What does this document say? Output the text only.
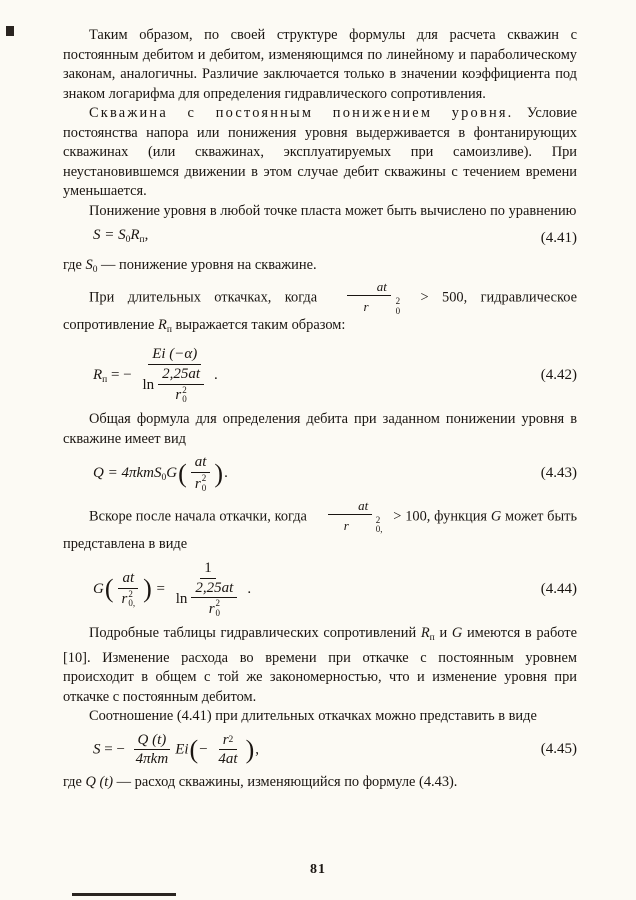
Таким образом, по своей структуре формулы для расчета скважин с постоянным дебитом и дебитом, изменяющимся по линейному и параболическому законам, аналогичны. Различие заключается только в значении коэффициента под знаком логарифма для определения гидравлического сопротивления.

Скважина с постоянным понижением уровня. Условие постоянства напора или понижения уровня выдерживается в фонтанирующих скважинах (или скважинах, эксплуатируемых при самоизливе). При неустановившемся движении в этом случае дебит скважины с течением времени уменьшается.

Понижение уровня в любой точке пласта может быть вычислено по уравнению

$S = S_0R_п$,	(4.41)

где $S_0$ — понижение уровня на скважине.

При длительных откачках, когда at
r	2
0 > 500, гидравлическое сопротивление $R_п$ выражается таким образом:

$R_п$ = − Ei (−α)
ln 2,25at
r 2
0 .	(4.42)

Общая формула для определения дебита при заданном понижении уровня в скважине имеет вид

Q = 4πkmS$_0$G( at
r 2
0 ).	(4.43)

Вскоре после начала откачки, когда at
r	2
0, > 100, функция G может быть представлена в виде

G( at
r 2
0, ) = 1
ln 2,25at
r 2
0 .	(4.44)

Подробные таблицы гидравлических сопротивлений $R_п$ и G имеются в работе [10]. Изменение расхода во времени при откачке с постоянным уровнем происходит в общем с той же закономерностью, что и изменение уровня при откачке с постоянным дебитом.

Соотношение (4.41) при длительных откачках можно представить в виде

S = − $\frac{Q (t)}{\text{4πkm}} Ei(- \frac{r 2}{4at}$ ),	(4.45)

где Q (t) — расход скважины, изменяющийся по формуле (4.43).

81
